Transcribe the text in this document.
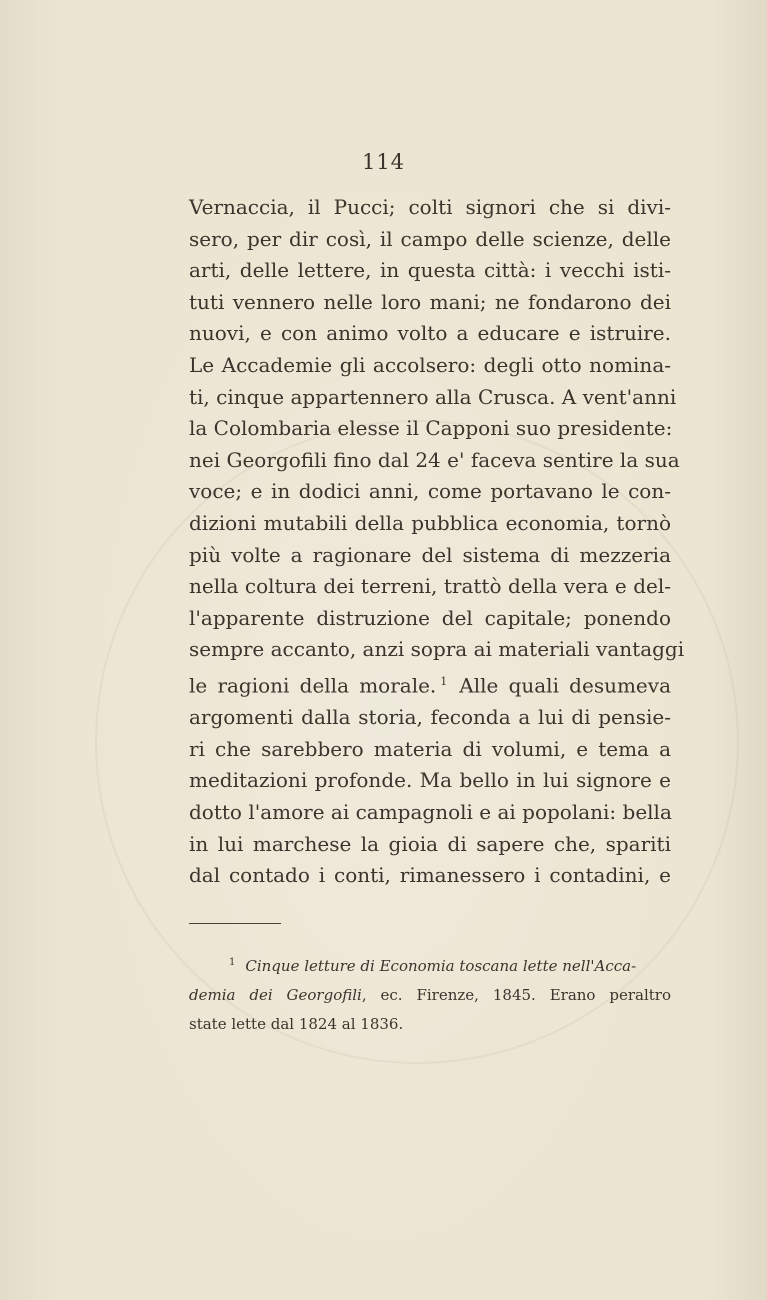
114
Vernaccia, il Pucci; colti signori che si divi-
sero, per dir così, il campo delle scienze, delle
arti, delle lettere, in questa città: i vecchi isti-
tuti vennero nelle loro mani; ne fondarono dei
nuovi, e con animo volto a educare e istruire.
Le Accademie gli accolsero: degli otto nomina-
ti, cinque appartennero alla Crusca. A vent'anni
la Colombaria elesse il Capponi suo presidente:
nei Georgofili fino dal 24 e' faceva sentire la sua
voce; e in dodici anni, come portavano le con-
dizioni mutabili della pubblica economia, tornò
più volte a ragionare del sistema di mezzeria
nella coltura dei terreni, trattò della vera e del-
l'apparente distruzione del capitale; ponendo
sempre accanto, anzi sopra ai materiali vantaggi
le ragioni della morale. $^1$ Alle quali desumeva
argomenti dalla storia, feconda a lui di pensie-
ri che sarebbero materia di volumi, e tema a
meditazioni profonde. Ma bello in lui signore e
dotto l'amore ai campagnoli e ai popolani: bella
in lui marchese la gioia di sapere che, spariti
dal contado i conti, rimanessero i contadini, e
$^1$ Cinque letture di Economia toscana lette nell'Acca-
demia dei Georgofili, ec. Firenze, 1845. Erano peraltro
state lette dal 1824 al 1836.
